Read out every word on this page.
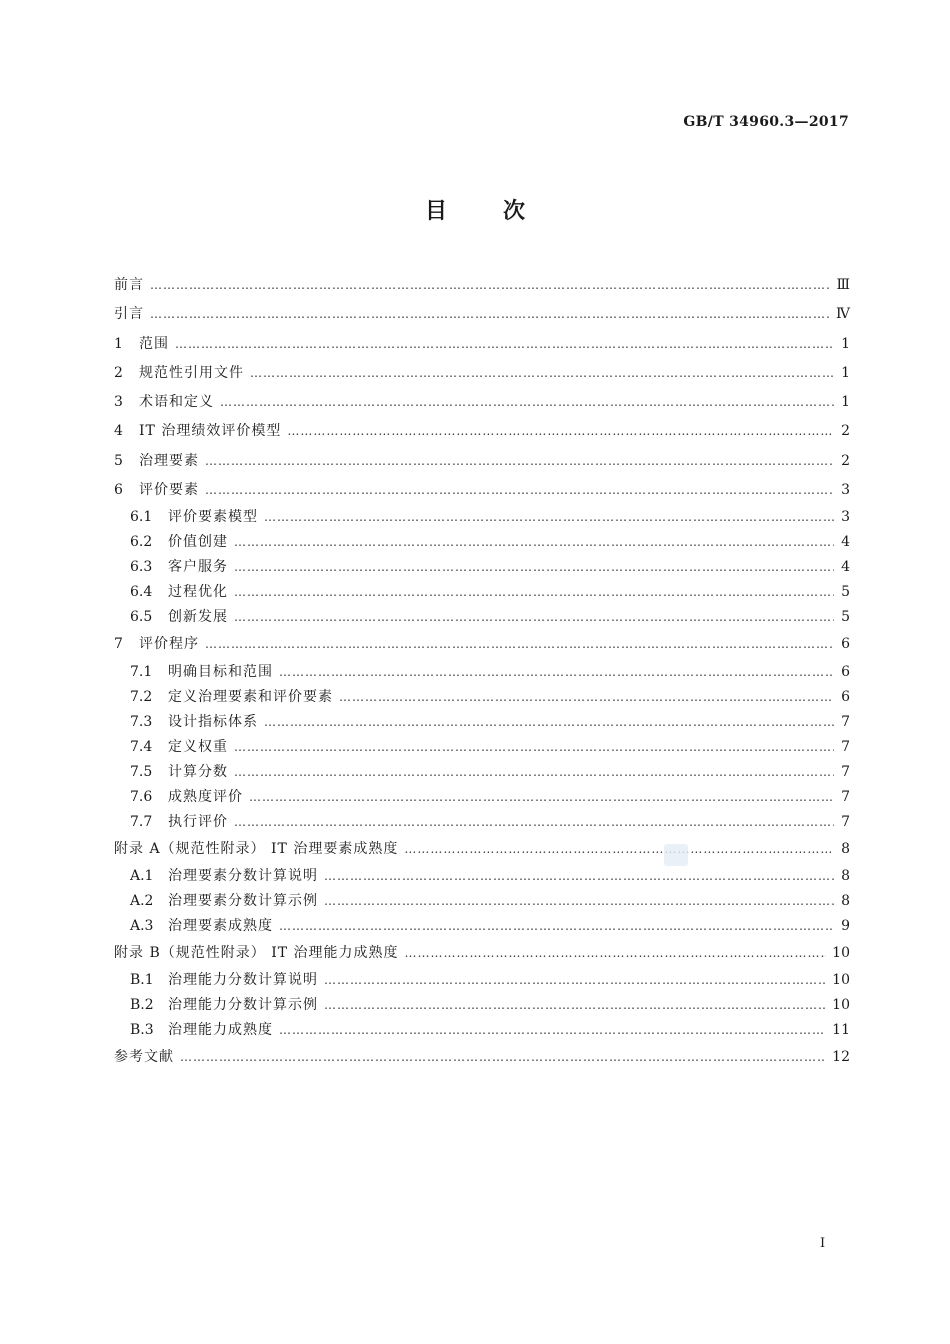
GB/T 34960.3—2017
目	次
前言 ……………………………………………………………………………………………………………………………………………………………………………………………………	Ⅲ
引言 ……………………………………………………………………………………………………………………………………………………………………………………………………	Ⅳ
1	范围 ……………………………………………………………………………………………………………………………………………………………………………………………………	1
2	规范性引用文件 ……………………………………………………………………………………………………………………………………………………………………………………………………	1
3	术语和定义 ……………………………………………………………………………………………………………………………………………………………………………………………………	1
4	IT 治理绩效评价模型 ……………………………………………………………………………………………………………………………………………………………………………………………………	2
5	治理要素 ……………………………………………………………………………………………………………………………………………………………………………………………………	2
6	评价要素 ……………………………………………………………………………………………………………………………………………………………………………………………………	3
6.1	评价要素模型 ……………………………………………………………………………………………………………………………………………………………………………………………………	3
6.2	价值创建 ……………………………………………………………………………………………………………………………………………………………………………………………………	4
6.3	客户服务 ……………………………………………………………………………………………………………………………………………………………………………………………………	4
6.4	过程优化 ……………………………………………………………………………………………………………………………………………………………………………………………………	5
6.5	创新发展 ……………………………………………………………………………………………………………………………………………………………………………………………………	5
7	评价程序 ……………………………………………………………………………………………………………………………………………………………………………………………………	6
7.1	明确目标和范围 ……………………………………………………………………………………………………………………………………………………………………………………………………	6
7.2	定义治理要素和评价要素 ……………………………………………………………………………………………………………………………………………………………………………………………………	6
7.3	设计指标体系 ……………………………………………………………………………………………………………………………………………………………………………………………………	7
7.4	定义权重 ……………………………………………………………………………………………………………………………………………………………………………………………………	7
7.5	计算分数 ……………………………………………………………………………………………………………………………………………………………………………………………………	7
7.6	成熟度评价 ……………………………………………………………………………………………………………………………………………………………………………………………………	7
7.7	执行评价 ……………………………………………………………………………………………………………………………………………………………………………………………………	7
附录 A（规范性附录） IT 治理要素成熟度 ……………………………………………………………………………………………………………………………………………………………………………………………………	8
A.1	治理要素分数计算说明 ……………………………………………………………………………………………………………………………………………………………………………………………………	8
A.2	治理要素分数计算示例 ……………………………………………………………………………………………………………………………………………………………………………………………………	8
A.3	治理要素成熟度 ……………………………………………………………………………………………………………………………………………………………………………………………………	9
附录 B（规范性附录） IT 治理能力成熟度 ……………………………………………………………………………………………………………………………………………………………………………………………………	10
B.1	治理能力分数计算说明 ……………………………………………………………………………………………………………………………………………………………………………………………………	10
B.2	治理能力分数计算示例 ……………………………………………………………………………………………………………………………………………………………………………………………………	10
B.3	治理能力成熟度 ……………………………………………………………………………………………………………………………………………………………………………………………………	11
参考文献 ……………………………………………………………………………………………………………………………………………………………………………………………………	12
Ⅰ
